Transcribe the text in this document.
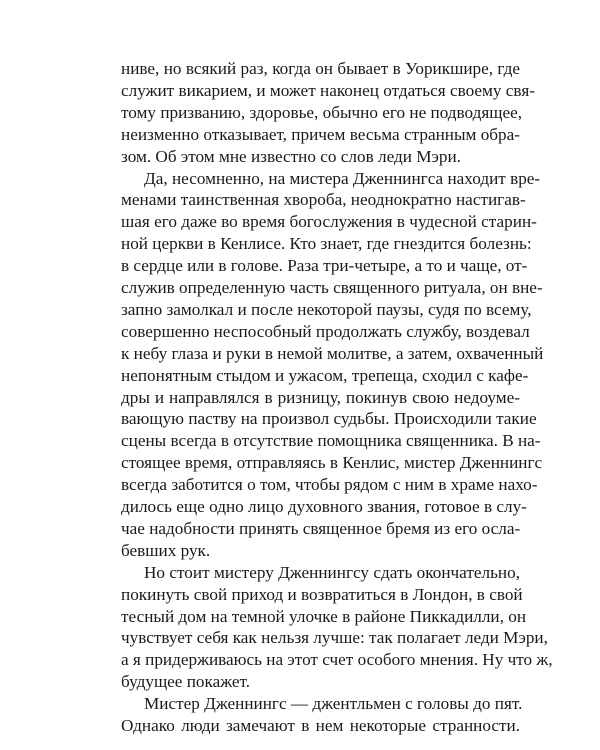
ниве, но всякий раз, когда он бывает в Уорикшире, где

служит викарием, и может наконец отдаться своему свя-

тому призванию, здоровье, обычно его не подводящее,

неизменно отказывает, причем весьма странным обра-

зом. Об этом мне известно со слов леди Мэри.

Да, несомненно, на мистера Дженнингса находит вре-

менами таинственная хвороба, неоднократно настигав-

шая его даже во время богослужения в чудесной старин-

ной церкви в Кенлисе. Кто знает, где гнездится болезнь:

в сердце или в голове. Раза три-четыре, а то и чаще, от-

служив определенную часть священного ритуала, он вне-

запно замолкал и после некоторой паузы, судя по всему,

совершенно неспособный продолжать службу, воздевал

к небу глаза и руки в немой молитве, а затем, охваченный

непонятным стыдом и ужасом, трепеща, сходил с кафе-

дры и направлялся в ризницу, покинув свою недоуме-

вающую паству на произвол судьбы. Происходили такие

сцены всегда в отсутствие помощника священника. В на-

стоящее время, отправляясь в Кенлис, мистер Дженнингс

всегда заботится о том, чтобы рядом с ним в храме нахо-

дилось еще одно лицо духовного звания, готовое в слу-

чае надобности принять священное бремя из его осла-

бевших рук.

Но стоит мистеру Дженнингсу сдать окончательно,

покинуть свой приход и возвратиться в Лондон, в свой

тесный дом на темной улочке в районе Пиккадилли, он

чувствует себя как нельзя лучше: так полагает леди Мэри,

а я придерживаюсь на этот счет особого мнения. Ну что ж,

будущее покажет.

Мистер Дженнингс — джентльмен с головы до пят.

Однако люди замечают в нем некоторые странности.
